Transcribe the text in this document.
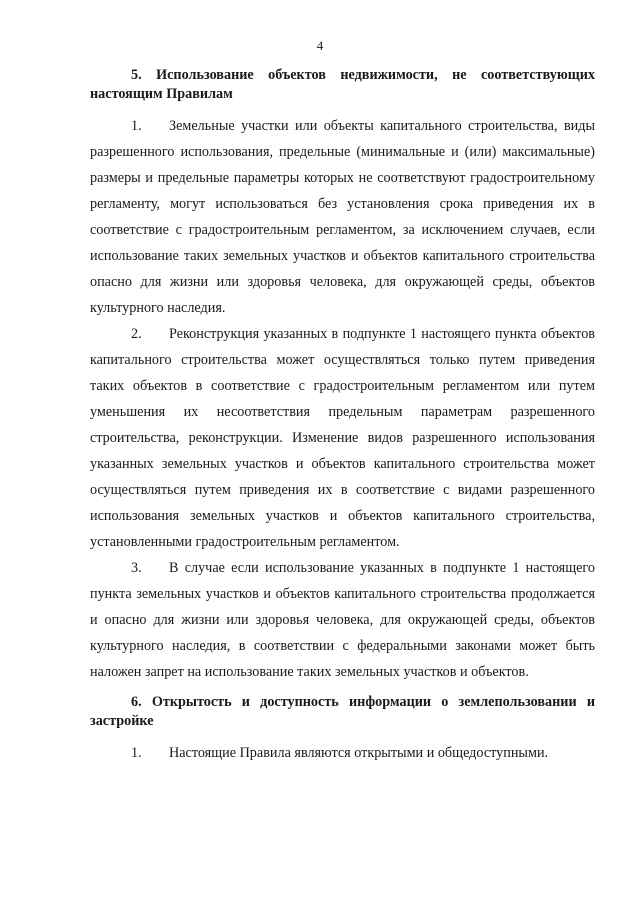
4

5. Использование объектов недвижимости, не соответствующих настоящим Правилам

1. Земельные участки или объекты капитального строительства, виды разрешенного использования, предельные (минимальные и (или) максимальные) размеры и предельные параметры которых не соответствуют градостроительному регламенту, могут использоваться без установления срока приведения их в соответствие с градостроительным регламентом, за исключением случаев, если использование таких земельных участков и объектов капитального строительства опасно для жизни или здоровья человека, для окружающей среды, объектов культурного наследия.

2. Реконструкция указанных в подпункте 1 настоящего пункта объектов капитального строительства может осуществляться только путем приведения таких объектов в соответствие с градостроительным регламентом или путем уменьшения их несоответствия предельным параметрам разрешенного строительства, реконструкции. Изменение видов разрешенного использования указанных земельных участков и объектов капитального строительства может осуществляться путем приведения их в соответствие с видами разрешенного использования земельных участков и объектов капитального строительства, установленными градостроительным регламентом.

3. В случае если использование указанных в подпункте 1 настоящего пункта земельных участков и объектов капитального строительства продолжается и опасно для жизни или здоровья человека, для окружающей среды, объектов культурного наследия, в соответствии с федеральными законами может быть наложен запрет на использование таких земельных участков и объектов.

6. Открытость и доступность информации о землепользовании и застройке

1. Настоящие Правила являются открытыми и общедоступными.
